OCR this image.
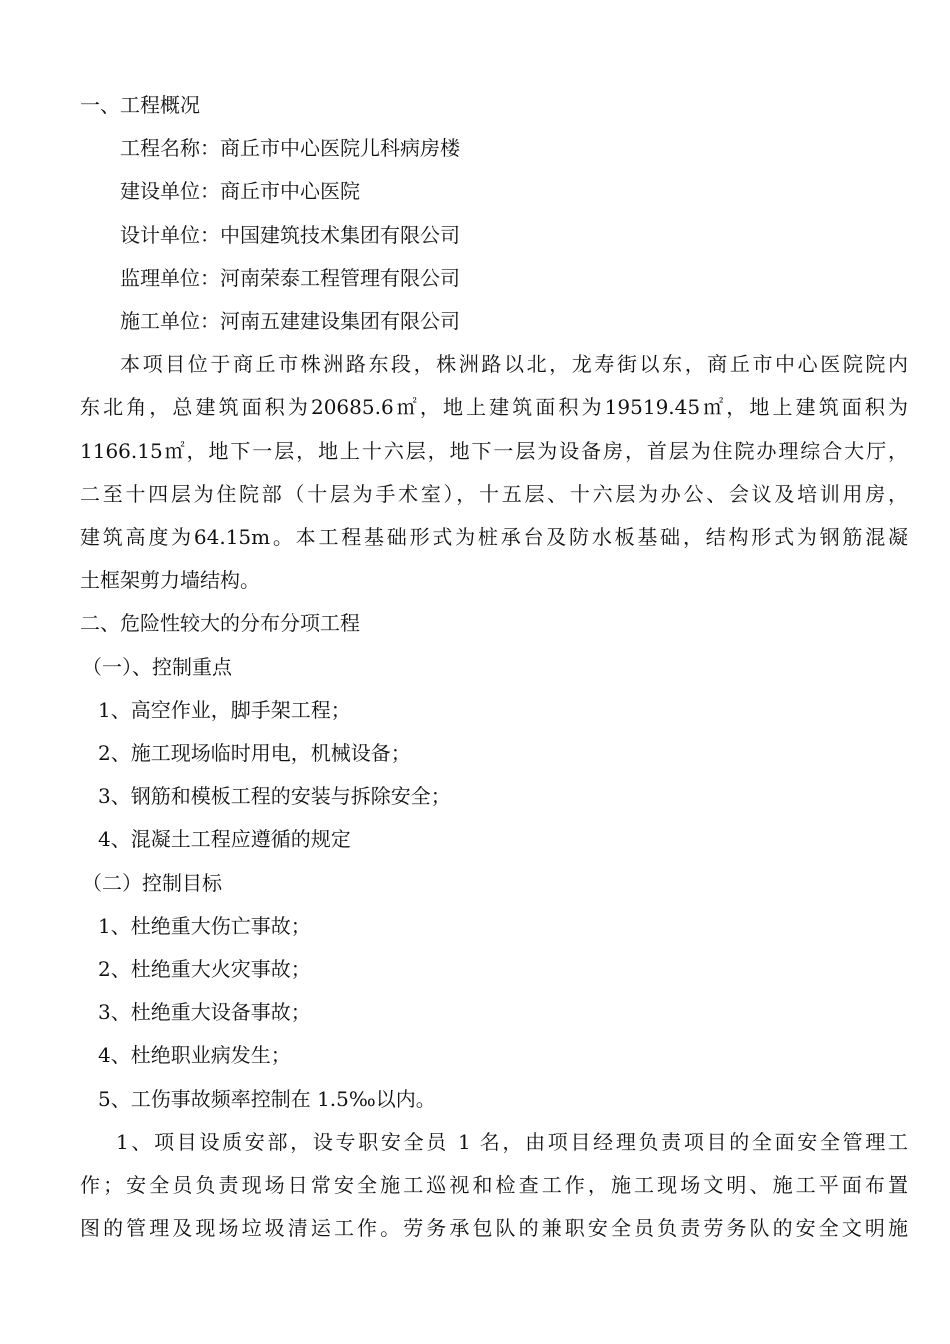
一、工程概况
工程名称：商丘市中心医院儿科病房楼
建设单位：商丘市中心医院
设计单位：中国建筑技术集团有限公司
监理单位：河南荣泰工程管理有限公司
施工单位：河南五建建设集团有限公司
本项目位于商丘市株洲路东段，株洲路以北，龙寿街以东，商丘市中心医院院内
东北角，总建筑面积为20685.6㎡，地上建筑面积为19519.45㎡，地上建筑面积为
1166.15㎡，地下一层，地上十六层，地下一层为设备房，首层为住院办理综合大厅，
二至十四层为住院部（十层为手术室），十五层、十六层为办公、会议及培训用房，
建筑高度为64.15m。本工程基础形式为桩承台及防水板基础，结构形式为钢筋混凝
土框架剪力墙结构。
二、危险性较大的分布分项工程
（一）、控制重点
1、高空作业，脚手架工程；
2、施工现场临时用电，机械设备；
3、钢筋和模板工程的安装与拆除安全；
4、混凝土工程应遵循的规定
（二）控制目标
1、杜绝重大伤亡事故；
2、杜绝重大火灾事故；
3、杜绝重大设备事故；
4、杜绝职业病发生；
5、工伤事故频率控制在 1.5‰以内。
1、项目设质安部，设专职安全员 1 名，由项目经理负责项目的全面安全管理工
作；安全员负责现场日常安全施工巡视和检查工作，施工现场文明、施工平面布置
图的管理及现场垃圾清运工作。劳务承包队的兼职安全员负责劳务队的安全文明施
